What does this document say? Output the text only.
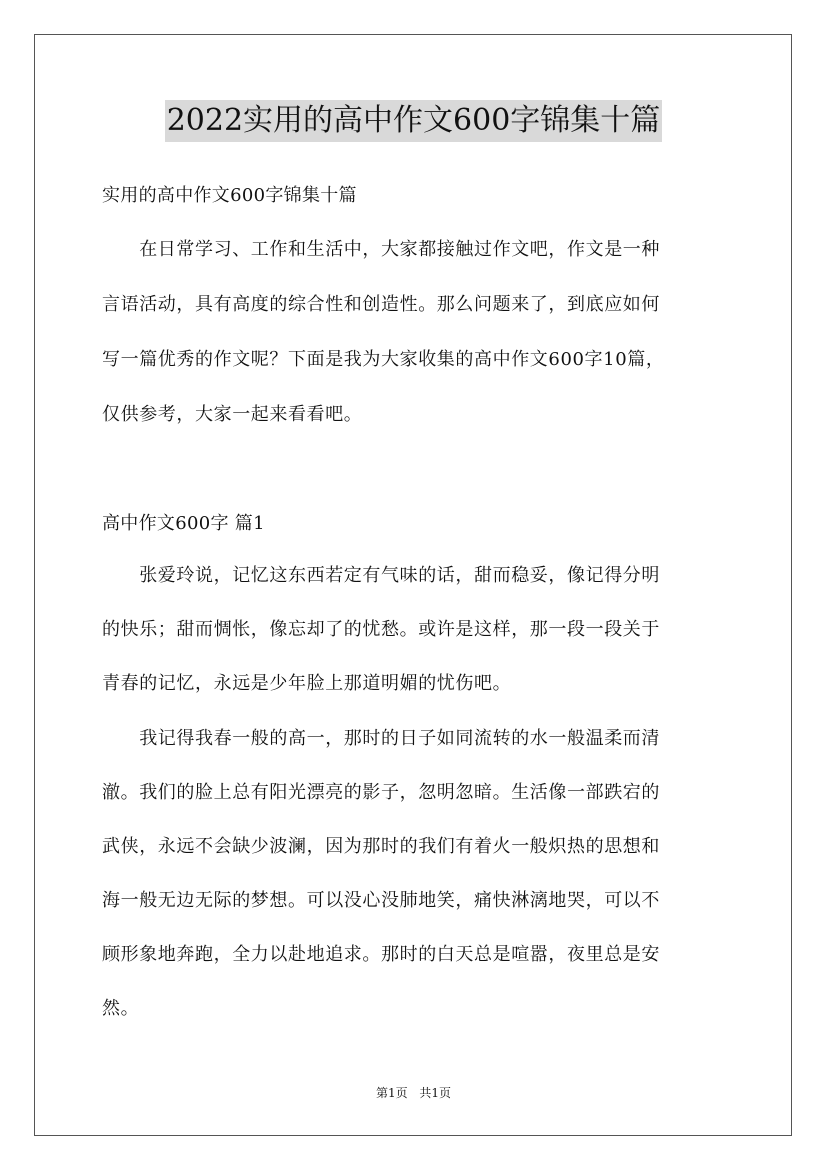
2022实用的高中作文600字锦集十篇
实用的高中作文600字锦集十篇
　　在日常学习、工作和生活中，大家都接触过作文吧，作文是一种
言语活动，具有高度的综合性和创造性。那么问题来了，到底应如何
写一篇优秀的作文呢？下面是我为大家收集的高中作文600字10篇，
仅供参考，大家一起来看看吧。
高中作文600字 篇1
　　张爱玲说，记忆这东西若定有气味的话，甜而稳妥，像记得分明
的快乐；甜而惆怅，像忘却了的忧愁。或许是这样，那一段一段关于
青春的记忆，永远是少年脸上那道明媚的忧伤吧。
　　我记得我春一般的高一，那时的日子如同流转的水一般温柔而清
澈。我们的脸上总有阳光漂亮的影子，忽明忽暗。生活像一部跌宕的
武侠，永远不会缺少波澜，因为那时的我们有着火一般炽热的思想和
海一般无边无际的梦想。可以没心没肺地笑，痛快淋漓地哭，可以不
顾形象地奔跑，全力以赴地追求。那时的白天总是喧嚣，夜里总是安
然。
第1页 共1页
